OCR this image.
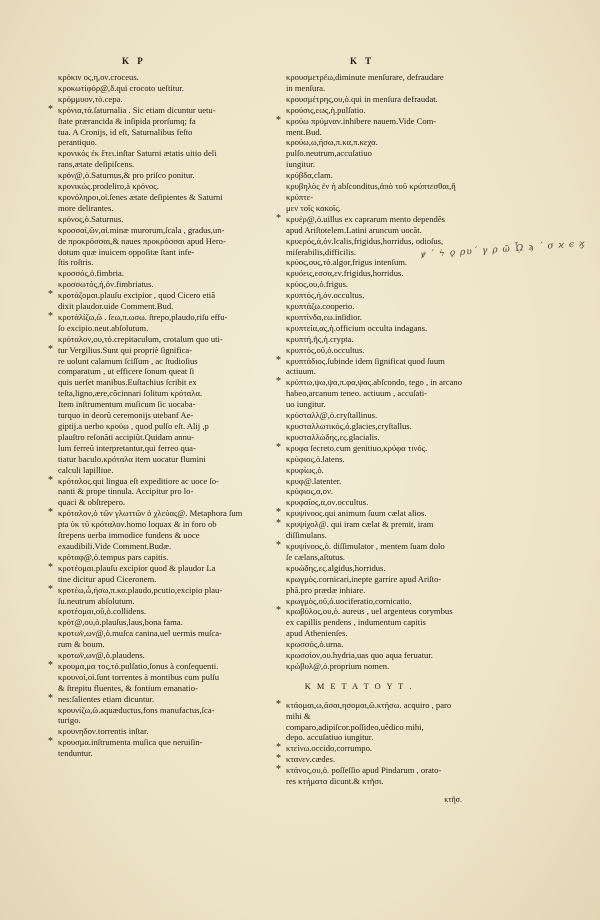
K P	K T
κρόκιν ος,η,ον.croceus.
κροκωτίφόρ@,δ.qui crocoto ueſtitur.
κρόμμυον,τὸ.cepa.
* κρόνια,τά.ſaturnalia . Sic etiam dicuntur uetu-
ſtate prærancida & inſipida prorſumq; fa
tua. A Cronijs, id eſt, Saturnalibus feſto
perantiquo.
κρονικός ἐκ ἔτει.inſtar Saturni ætatis uitio deli
rans,ætate deſipiſcens.
κρόν@,ὁ.Saturnus,& pro priſco ponitur.
κρονικώς.prodeliro,à κρόνος.
κρονόληροι,οἱ.ſenes ætate deſipientes & Saturni
more delirantes.
κρόνος,ὁ.Saturnus.
κροσσαί,ῶν,αἱ.minæ murorum,ſcala , gradus,un-
de προκρόσσαι,& naues προκρόσσαι apud Hero-
dotum quæ inuicem oppoſitæ ſtant infe-
ſtis roſtris.
κροσσός,ὁ.fimbria.
κροσσωτός,ή,όν.fimbriatus.
* κροτάζομαι.plauſu excipior , quod Cicero etiã
dixit plaudor.uide Comment.Bud.
* κροτάλίζω,ῶ . ſεω,π.ωσω. ſtrepo,plaudo,riſu effu-
ſo excipio.neut.abſolutum.
κρόταλον,ου,τό.crepitaculum, crotalum quo uti-
* tur Vergilius.Sunt qui propriè ſignifica-
re uolunt calamum ſciſſum , ac ſtudioſius
comparatum , ut efficere ſonum queat ſi
quis uerſet manibus.Euſtachius ſcribit ex
teſta,ligno,ære,cõcinnari ſolitum κρόταλα.
Item inſtrumentum muſicum ſic uocaba-
turquo in deorũ ceremonijs utebanf Ae-
giptij.a uerbo κρούω , quod pulſo eſt. Alij ,p
plauſtro reſonãti accipiũt.Quidam annu-
lum ferreũ interpretantur,qui ferreo qua-
tiatur baculo.κρόταλα item uocatur flumini
calculi lapilliue.
* κρόταλος.qui lingua eſt expeditiore ac uoce ſo-
nanti & prope tinnula. Accipitur pro lo-
quaci & obſtrepero.
* κρόταλον,ὁ τῶν γλωττῶν ὁ χλεύας@. Metaphora ſum
pta ὑκ τῦ κρόταλον.homo loquax & in foro ob
ſtrepens uerba immodice fundens & uoce
exaudibili.Vide Comment.Budæ.
κρόταφ@,ὁ.tempus pars capitis.
* κροτέομαι.plauſu excipior quod & plaudor La
tine dicitur apud Ciceronem.
* κροτέω,ὦ,ήσω,π.κα.plaudo,pcutio,excipio plau-
ſu.neutrum abſolutum.
κροτέομαι,οῦ,ὁ.collidens.
κρότ@,ου,ὁ.plauſus,laus,bona fama.
κροτω̃ν,ων@,ὁ.muſca canina,uel uermis muſca-
rum & boum.
κροτω̃ν,ων@,ὁ.plaudens.
* κρουμα,μα τος,τό.pulſatio,ſonus à conſequenti.
κρουνοί,οἱ.ſunt torrentes à montibus cum pulſu
& ſtrepitu fluentes, & fontium emanatio-
* nes:ſalientes etiam dicuntur.
κρουνίζω,ῶ.aquæductus,fons manufactus,ſca-
turigo.
κρουνηδον.torrentis inſtar.
* κρουσμα.inſtrumenta muſica que neruiſin-
tenduntur.
κρουσμετρέω,diminute menſurare, defraudare
in menſura.
κρουσμέτρης,ου,ὁ.qui in menſura defraudat.
κρούσις,εως,ἡ.pulſatio.
* κρούω πρύμναν.inhibere nauem.Vide Com-
ment.Bud.
κρούω,ω,ήσω,π.κα,π.κεχα. pulſo.neutrum,accuſatiuo
iungitur.
κρύβδα,clam.
κρυβηλὸς ἐν ἡ abſconditus,ἀπὸ τοῦ κρύπτεσθαι,ἢ κρύπτε-
μεν τοῖς κακοῖς.
* κρυέρ@,ὁ.uillus ex caprarum mento dependẽs
apud Ariſtotelem.Latini aruncum uocãt.
κρυερός,ά,όν.lcalis,frigidus,horridus, odioſus,
miſerabilis,difficilis.
κρύος,ους,τό.algor,frigus intenſum.
κρυόεις,εσσα,εν.frigidus,horridus.
κρύος,ου,ὁ.frigus.
κρυπτός,ή,όν.occultus.
κρυπτάζω.cooperio.
κρυπτίνδα,εω.inſidior.
κρυπτεία,ας,ἡ.officium occulta indagans.
κρυπτή,ῆς,ἡ.crypta.
κρυπτός,οῦ,ὁ.occultus.
* κρυπτάδιος.ſubinde idem ſignificat quod ſuum
actiuum.
* κρύπτω,ψω,ψα,π.φα,ψας.abſcondo, tego , in arcano
habeo,arcanum teneo. actiuum , accuſati-
uo iungitur.
κρύσταλλ@,ὁ.cryſtallinus.
κρυσταλλωτικός,ὁ.glacies,cryſtallus.
κρυσταλλώδης,ες.glacialis.
* κρυφα ſecreto.cum genitiuo,κρύφα τινός.
κρύφιος,ὁ.latens.
κρυφίως,ὁ.
κρυφ@.latenter.
κρύφιος,α,ον.
κρυφαῖος,α,ον.occultus.
* κρυψίνοος.qui animum ſuum cælat alios.
* κρυψίχολ@. qui iram cælat & premit, iram
diſſimulans.
* κρυψίνοος,ὁ. diſſimulator , mentem ſuam dolo
ſe cælans,aſtutus.
κρυώδης,ες.algidus,horridus.
κρωγμὸς.cornicari,inepte garrire apud Ariſto-
phã.pro prædæ inhiare.
κρωγμὸς,οῦ,ὁ.uociferatio,cornicatio.
* κρωβύλος,ου,ὁ. aureus , uel argenteus corymbus
ex capillis pendens , indumentum capitis
apud Athenienſes.
κρωσσός,ὁ.urna.
κρωσσίον,ου.hydria,uas quo aqua feruatur.
κρώβυλ@,ὁ.proprium nomen.
K M E T A T O Y T .
* κτάομαι,ω,ᾶσαι,ησομαι,ῶ.κτήσω. acquiro , paro mihi &
comparo,adipiſcor.poſſideo,uẽdico mihi,
depo. accuſatiuo iungitur.
* κτείνω.occido,corrumpo.
* κτανεν.cædes.
* κτάνος,ου,ὁ. poſſeſſio apud Pindarum , orato-
res κτήματα dicunt.& κτῆσι.
κτῆσ.
ꝟ ΄ ϟ ϙ ρυ΄ γ ρ ῶ ᾯ ϡ ΄ σ ϰ ͼ ϗ
